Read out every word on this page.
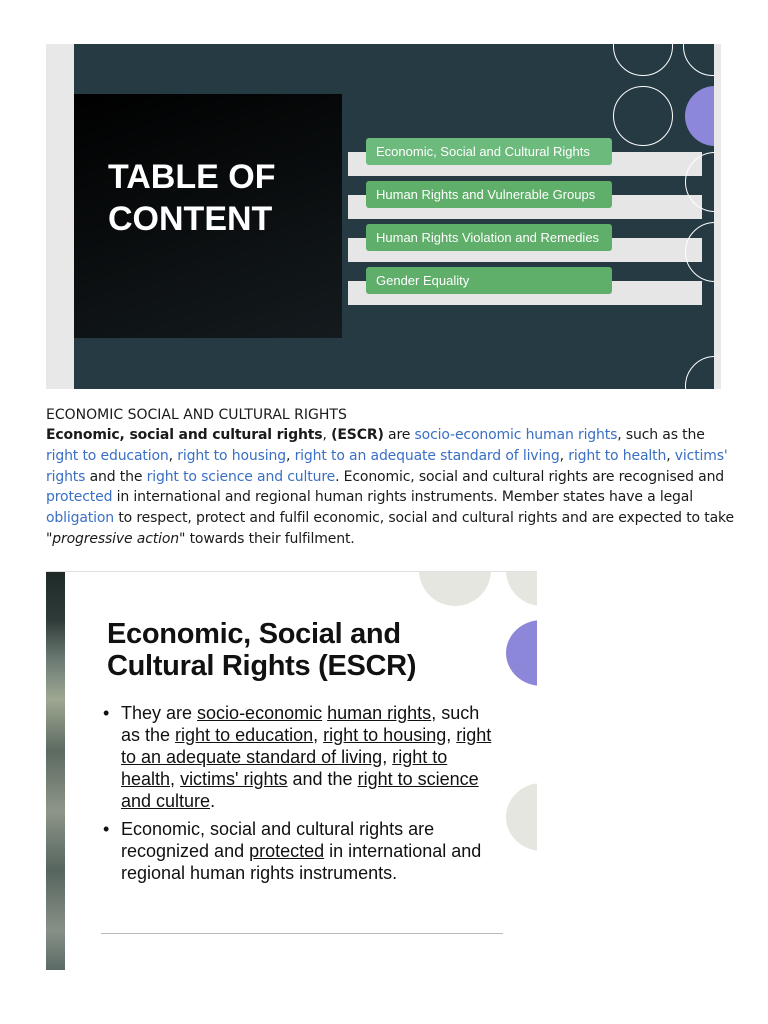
TABLE OF
CONTENT
Economic, Social and Cultural Rights
Human Rights and Vulnerable Groups
Human Rights Violation and Remedies
Gender Equality

ECONOMIC SOCIAL AND CULTURAL RIGHTS

Economic, social and cultural rights, (ESCR) are socio-economic human rights, such as the right to education, right to housing, right to an adequate standard of living, right to health, victims' rights and the right to science and culture. Economic, social and cultural rights are recognised and protected in international and regional human rights instruments. Member states have a legal obligation to respect, protect and fulfil economic, social and cultural rights and are expected to take "progressive action" towards their fulfilment.

Economic, Social and
Cultural Rights (ESCR)
• They are socio-economic human rights, such as the right to education, right to housing, right to an adequate standard of living, right to health, victims' rights and the right to science and culture.
• Economic, social and cultural rights are recognized and protected in international and regional human rights instruments.
